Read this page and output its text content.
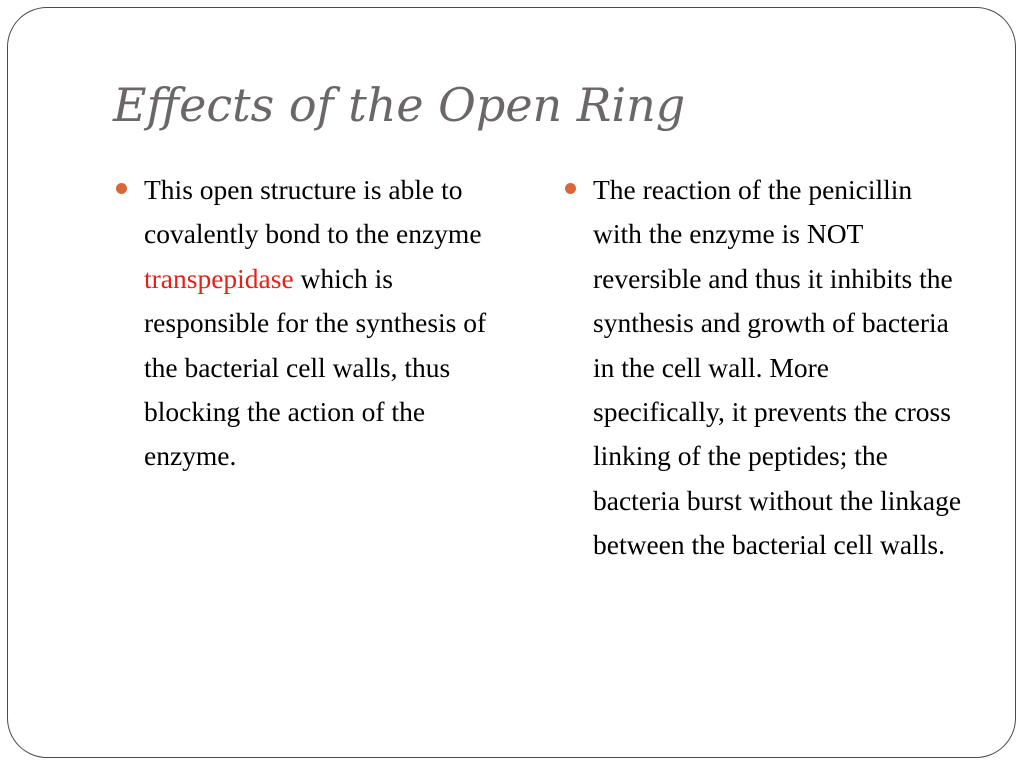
Effects of the Open Ring
This open structure is able to covalently bond to the enzyme transpepidase which is responsible for the synthesis of the bacterial cell walls, thus blocking the action of the enzyme.
The reaction of the penicillin with the enzyme is NOT reversible and thus it inhibits the synthesis and growth of bacteria in the cell wall. More specifically, it prevents the cross linking of the peptides; the bacteria burst without the linkage between the bacterial cell walls.
